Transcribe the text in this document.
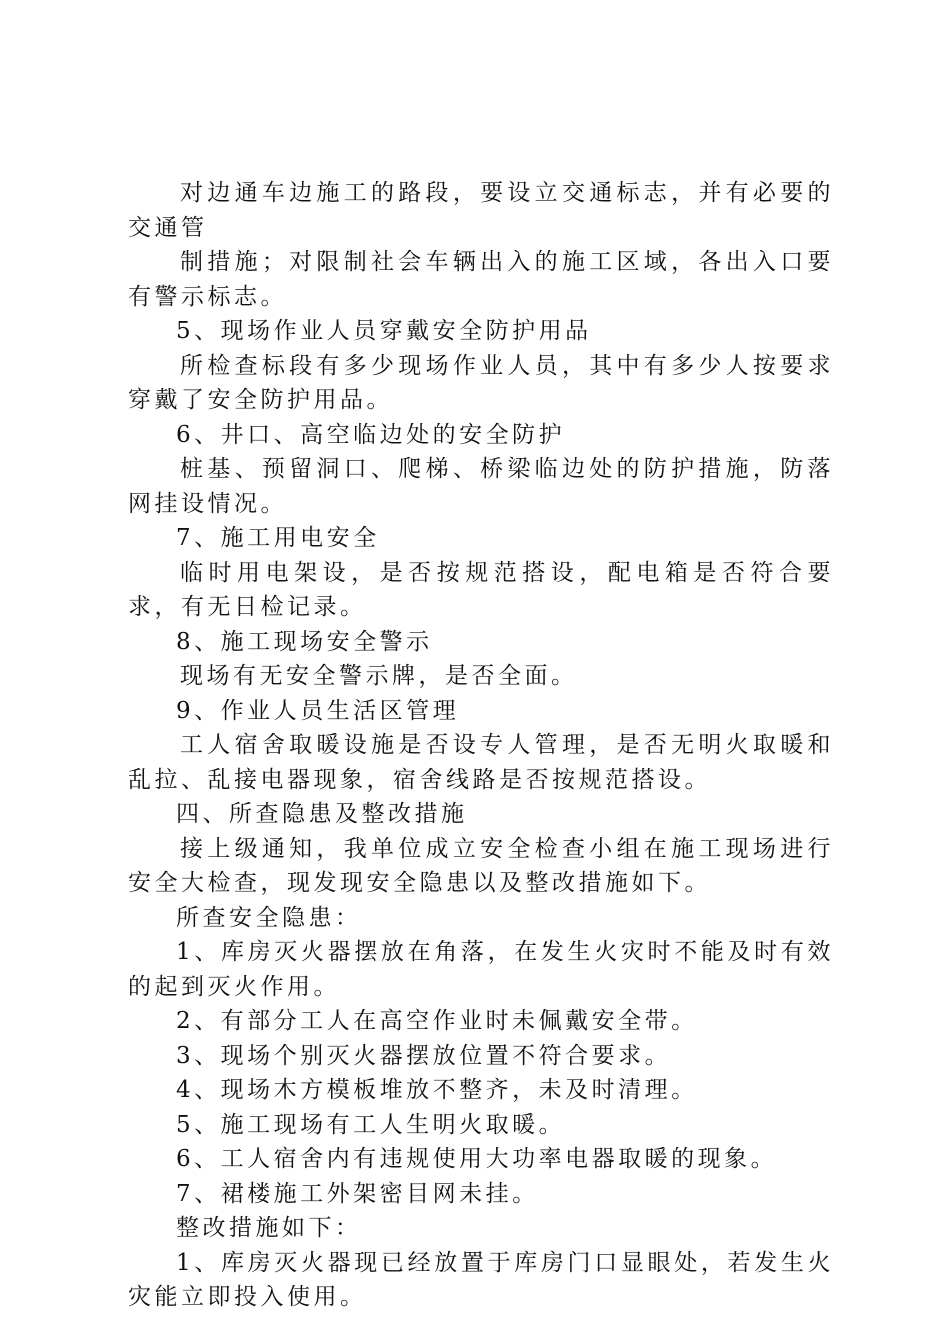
对边通车边施工的路段，要设立交通标志，并有必要的交通管

制措施；对限制社会车辆出入的施工区域，各出入口要有警示标志。

5、现场作业人员穿戴安全防护用品

所检查标段有多少现场作业人员，其中有多少人按要求穿戴了安全防护用品。

6、井口、高空临边处的安全防护

桩基、预留洞口、爬梯、桥梁临边处的防护措施，防落网挂设情况。

7、施工用电安全

临时用电架设，是否按规范搭设，配电箱是否符合要求，有无日检记录。

8、施工现场安全警示

现场有无安全警示牌，是否全面。

9、作业人员生活区管理

工人宿舍取暖设施是否设专人管理，是否无明火取暖和乱拉、乱接电器现象，宿舍线路是否按规范搭设。

四、所查隐患及整改措施

接上级通知，我单位成立安全检查小组在施工现场进行安全大检查，现发现安全隐患以及整改措施如下。

所查安全隐患：

1、库房灭火器摆放在角落，在发生火灾时不能及时有效的起到灭火作用。

2、有部分工人在高空作业时未佩戴安全带。

3、现场个别灭火器摆放位置不符合要求。

4、现场木方模板堆放不整齐，未及时清理。

5、施工现场有工人生明火取暖。

6、工人宿舍内有违规使用大功率电器取暖的现象。

7、裙楼施工外架密目网未挂。

整改措施如下：

1、库房灭火器现已经放置于库房门口显眼处，若发生火灾能立即投入使用。
